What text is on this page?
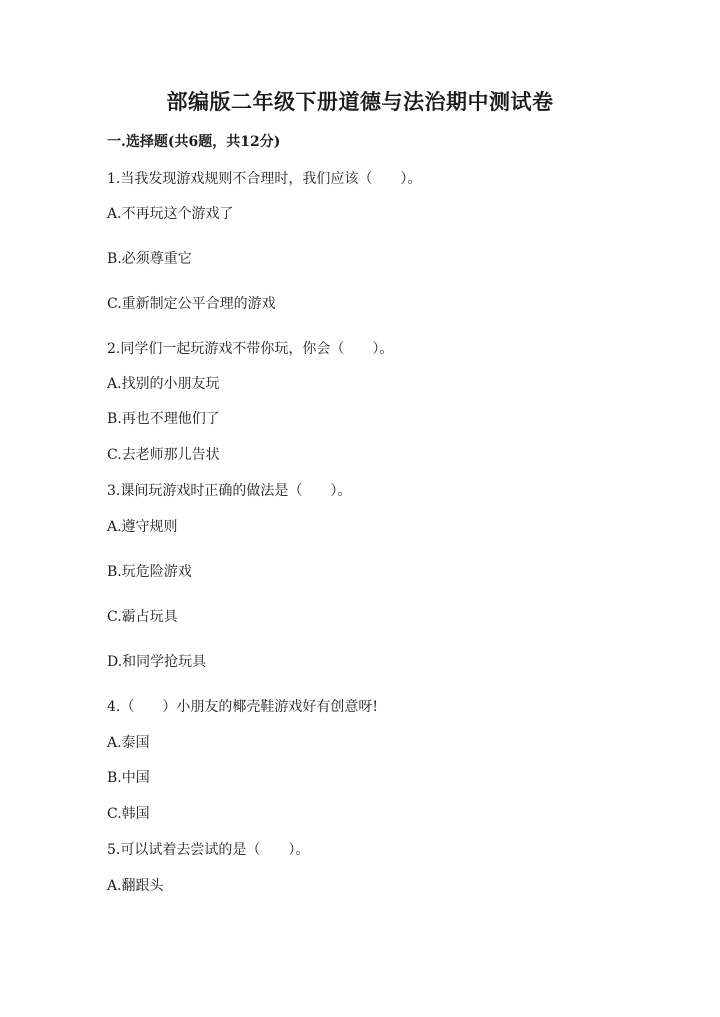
部编版二年级下册道德与法治期中测试卷
一.选择题(共6题，共12分)
1.当我发现游戏规则不合理时，我们应该（　　）。
A.不再玩这个游戏了
B.必须尊重它
C.重新制定公平合理的游戏
2.同学们一起玩游戏不带你玩，你会（　　）。
A.找别的小朋友玩
B.再也不理他们了
C.去老师那儿告状
3.课间玩游戏时正确的做法是（　　）。
A.遵守规则
B.玩危险游戏
C.霸占玩具
D.和同学抢玩具
4.（　　）小朋友的椰壳鞋游戏好有创意呀!
A.泰国
B.中国
C.韩国
5.可以试着去尝试的是（　　）。
A.翻跟头
